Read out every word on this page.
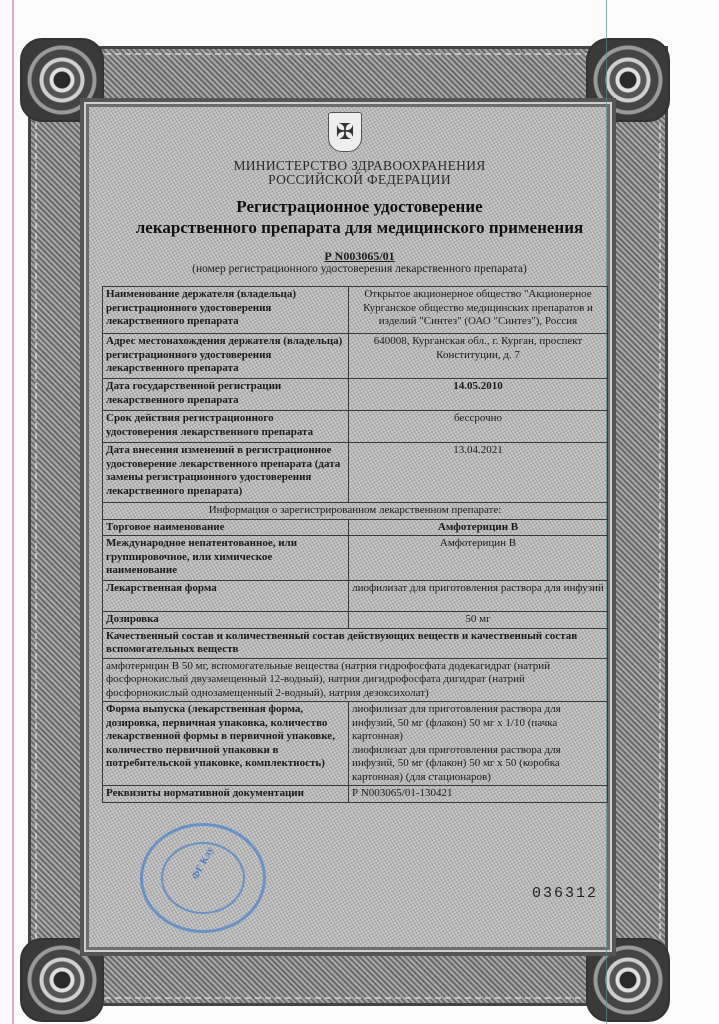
✠
МИНИСТЕРСТВО ЗДРАВООХРАНЕНИЯ
РОССИЙСКОЙ ФЕДЕРАЦИИ
Регистрационное удостоверение
лекарственного препарата для медицинского применения
Р N003065/01
(номер регистрационного удостоверения лекарственного препарата)
Наименование держателя (владельца) регистрационного удостоверения лекарственного препарата	Открытое акционерное общество "Акционерное Курганское общество медицинских препаратов и изделий "Синтез" (ОАО "Синтез"), Россия
Адрес местонахождения держателя (владельца) регистрационного удостоверения лекарственного препарата	640008, Курганская обл., г. Курган, проспект Конституции, д. 7
Дата государственной регистрации лекарственного препарата	14.05.2010
Срок действия регистрационного удостоверения лекарственного препарата	бессрочно
Дата внесения изменений в регистрационное удостоверение лекарственного препарата (дата замены регистрационного удостоверения лекарственного препарата)	13.04.2021
Информация о зарегистрированном лекарственном препарате:	
Торговое наименование	Амфотерицин В
Международное непатентованное, или группировочное, или химическое наименование	Амфотерицин В
Лекарственная форма	лиофилизат для приготовления раствора для инфузий
Дозировка	50 мг
Качественный состав и количественный состав действующих веществ и качественный состав вспомогательных веществ	
амфотерицин В 50 мг, вспомогательные вещества (натрия гидрофосфата додекагидрат (натрий фосфорнокислый двузамещенный 12-водный), натрия дигидрофосфата дигидрат (натрий фосфорнокислый однозамещенный 2-водный), натрия дезоксихолат)	
Форма выпуска (лекарственная форма, дозировка, первичная упаковка, количество лекарственной формы в первичной упаковке, количество первичной упаковки в потребительской упаковке, комплектность)	лиофилизат для приготовления раствора для инфузий, 50 мг (флакон) 50 мг x 1/10 (пачка картонная)
лиофилизат для приготовления раствора для инфузий, 50 мг (флакон) 50 мг x 50 (коробка картонная) (для стационаров)

Реквизиты нормативной документации	Р N003065/01-130421
ФГ Клу
036312
